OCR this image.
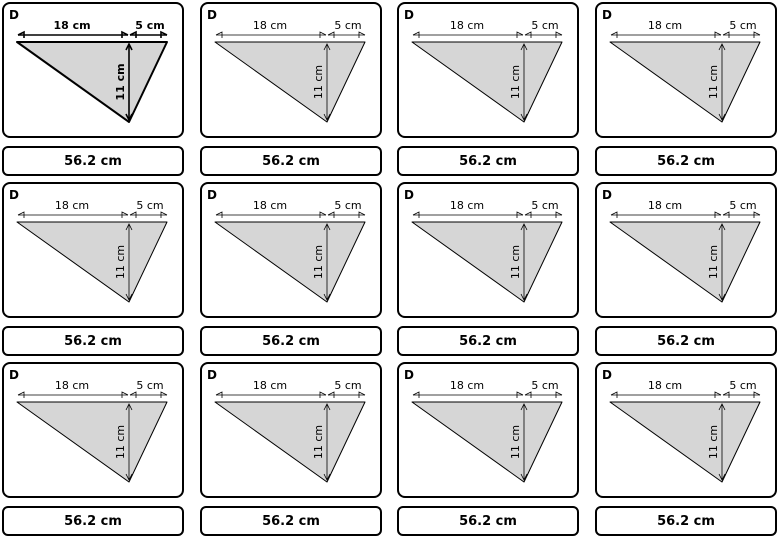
D
18 cm	5 cm
11 cm
56.2 cm
D
18 cm	5 cm
11 cm
56.2 cm
D
18 cm	5 cm
11 cm
56.2 cm
D
18 cm	5 cm
11 cm
56.2 cm
D
18 cm	5 cm
11 cm
56.2 cm
D
18 cm	5 cm
11 cm
56.2 cm
D
18 cm	5 cm
11 cm
56.2 cm
D
18 cm	5 cm
11 cm
56.2 cm
D
18 cm	5 cm
11 cm
56.2 cm
D
18 cm	5 cm
11 cm
56.2 cm
D
18 cm	5 cm
11 cm
56.2 cm
D
18 cm	5 cm
11 cm
56.2 cm
